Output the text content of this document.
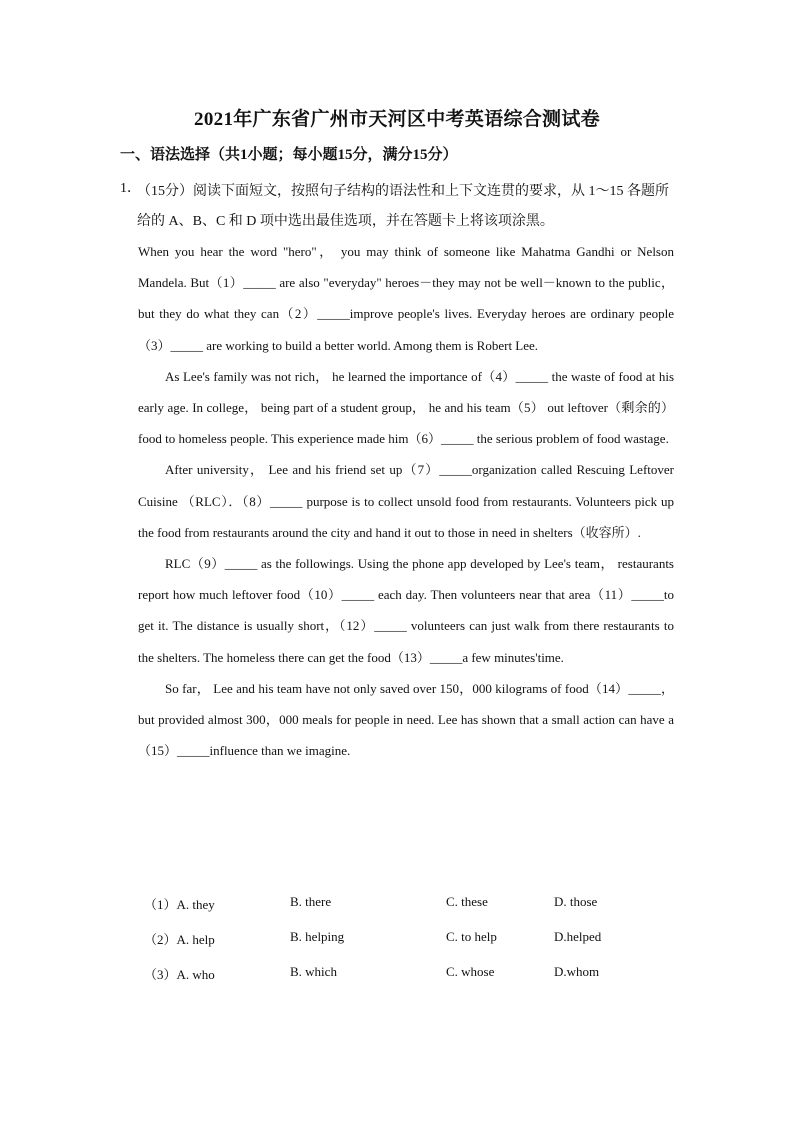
2021年广东省广州市天河区中考英语综合测试卷
一、语法选择（共1小题；每小题15分，满分15分）
1．
（15分）阅读下面短文，按照句子结构的语法性和上下文连贯的要求，从 1～15 各题所给的 A、B、C 和 D 项中选出最佳选项，并在答题卡上将该项涂黑。

When you hear the word "hero"， you may think of someone like Mahatma Gandhi or Nelson Mandela. But（1）_____ are also "everyday" heroes－they may not be well－known to the public， but they do what they can（2）_____improve people's lives. Everyday heroes are ordinary people（3）_____ are working to build a better world. Among them is Robert Lee.

As Lee's family was not rich， he learned the importance of（4）_____ the waste of food at his early age. In college， being part of a student group， he and his team（5） out leftover（剩余的） food to homeless people. This experience made him（6）_____ the serious problem of food wastage.

After university， Lee and his friend set up（7）_____organization called Rescuing Leftover Cuisine （RLC）．（8）_____ purpose is to collect unsold food from restaurants. Volunteers pick up the food from restaurants around the city and hand it out to those in need in shelters（收容所）.

RLC（9）_____ as the followings. Using the phone app developed by Lee's team， restaurants report how much leftover food（10）_____ each day. Then volunteers near that area（11）_____to get it. The distance is usually short，（12）_____ volunteers can just walk from there restaurants to the shelters. The homeless there can get the food（13）_____a few minutes'time.

So far， Lee and his team have not only saved over 150，000 kilograms of food（14）_____， but provided almost 300，000 meals for people in need. Lee has shown that a small action can have a（15）_____influence than we imagine.

（1）A. they	B. there	C. these	D. those
（2）A. help	B. helping	C. to help	D.helped
（3）A. who	B. which	C. whose	D.whom
